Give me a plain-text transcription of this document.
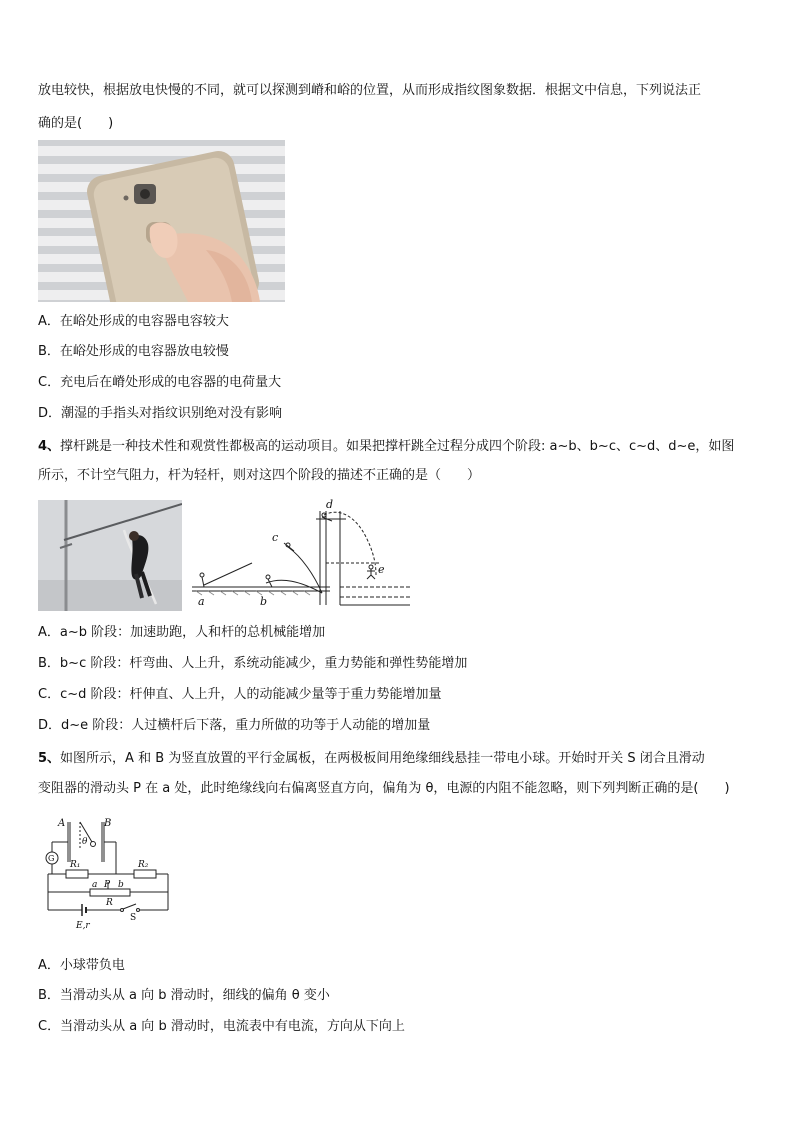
放电较快，根据放电快慢的不同，就可以探测到嵴和峪的位置，从而形成指纹图象数据．根据文中信息，下列说法正
确的是(　　)
A．在峪处形成的电容器电容较大
B．在峪处形成的电容器放电较慢
C．充电后在嵴处形成的电容器的电荷量大
D．潮湿的手指头对指纹识别绝对没有影响
4、撑杆跳是一种技术性和观赏性都极高的运动项目。如果把撑杆跳全过程分成四个阶段: a~b、b~c、c~d、d~e，如图
所示，不计空气阻力，杆为轻杆，则对这四个阶段的描述不正确的是（　　）
a	b
c
d
e
A．a~b 阶段：加速助跑，人和杆的总机械能增加
B．b~c 阶段：杆弯曲、人上升，系统动能减少，重力势能和弹性势能增加
C．c~d 阶段：杆伸直、人上升，人的动能减少量等于重力势能增加量
D．d~e 阶段：人过横杆后下落，重力所做的功等于人动能的增加量
5、如图所示，A 和 B 为竖直放置的平行金属板，在两极板间用绝缘细线悬挂一带电小球。开始时开关 S 闭合且滑动
变阻器的滑动头 P 在 a 处，此时绝缘线向右偏离竖直方向，偏角为 θ，电源的内阻不能忽略，则下列判断正确的是(　　)
A	B
θ
G
R₁	R₂
a P b
R
S
E,r
A．小球带负电
B．当滑动头从 a 向 b 滑动时，细线的偏角 θ 变小
C．当滑动头从 a 向 b 滑动时，电流表中有电流，方向从下向上
